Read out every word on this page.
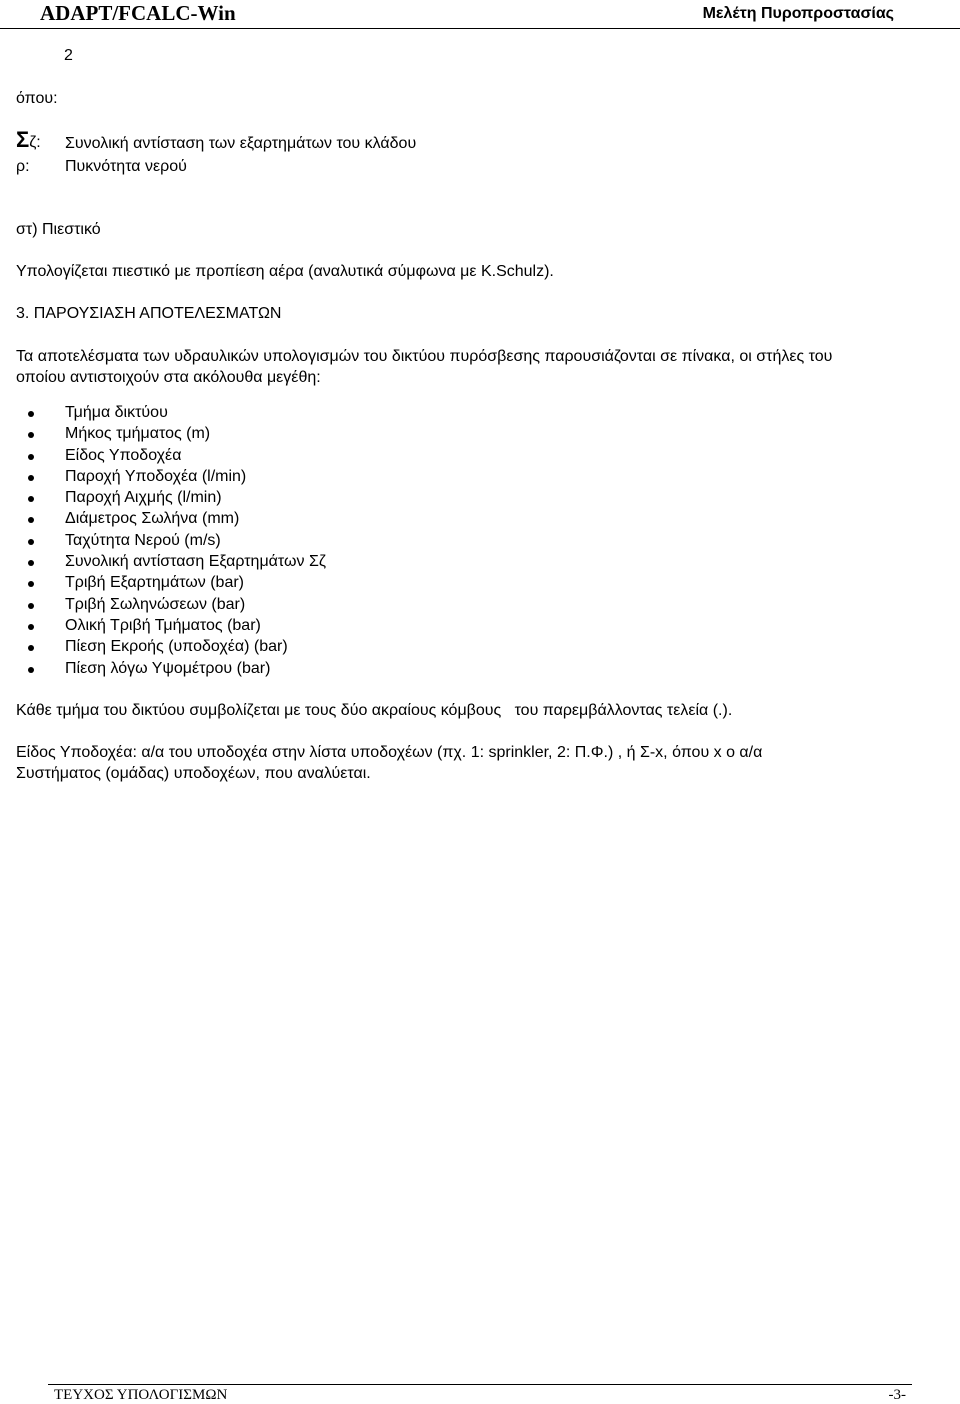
ADAPT/FCALC-Win	Μελέτη Πυροπροστασίας
2
όπου:
Σζ: Συνολική αντίσταση των εξαρτημάτων του κλάδου
ρ: Πυκνότητα νερού
στ) Πιεστικό
Υπολογίζεται πιεστικό με προπίεση αέρα (αναλυτικά σύμφωνα με K.Schulz).
3. ΠΑΡΟΥΣΙΑΣΗ ΑΠΟΤΕΛΕΣΜΑΤΩΝ
Τα αποτελέσματα των υδραυλικών υπολογισμών του δικτύου πυρόσβεσης παρουσιάζονται σε πίνακα, οι στήλες του
οποίου αντιστοιχούν στα ακόλουθα μεγέθη:
Τμήμα δικτύου
Μήκος τμήματος (m)
Είδος Υποδοχέα
Παροχή Υποδοχέα (l/min)
Παροχή Αιχμής (l/min)
Διάμετρος Σωλήνα (mm)
Ταχύτητα Νερού (m/s)
Συνολική αντίσταση Εξαρτημάτων Σζ
Τριβή Εξαρτημάτων (bar)
Τριβή Σωληνώσεων (bar)
Ολική Τριβή Τμήματος (bar)
Πίεση Εκροής (υποδοχέα) (bar)
Πίεση λόγω Υψομέτρου (bar)
Κάθε τμήμα του δικτύου συμβολίζεται με τους δύο ακραίους κόμβους   του παρεμβάλλοντας τελεία (.).
Είδος Υποδοχέα: α/α του υποδοχέα στην λίστα υποδοχέων (πχ. 1: sprinkler, 2: Π.Φ.) , ή Σ-x, όπου x ο α/α
Συστήματος (ομάδας) υποδοχέων, που αναλύεται.
ΤΕΥΧΟΣ ΥΠΟΛΟΓΙΣΜΩΝ	-3-
